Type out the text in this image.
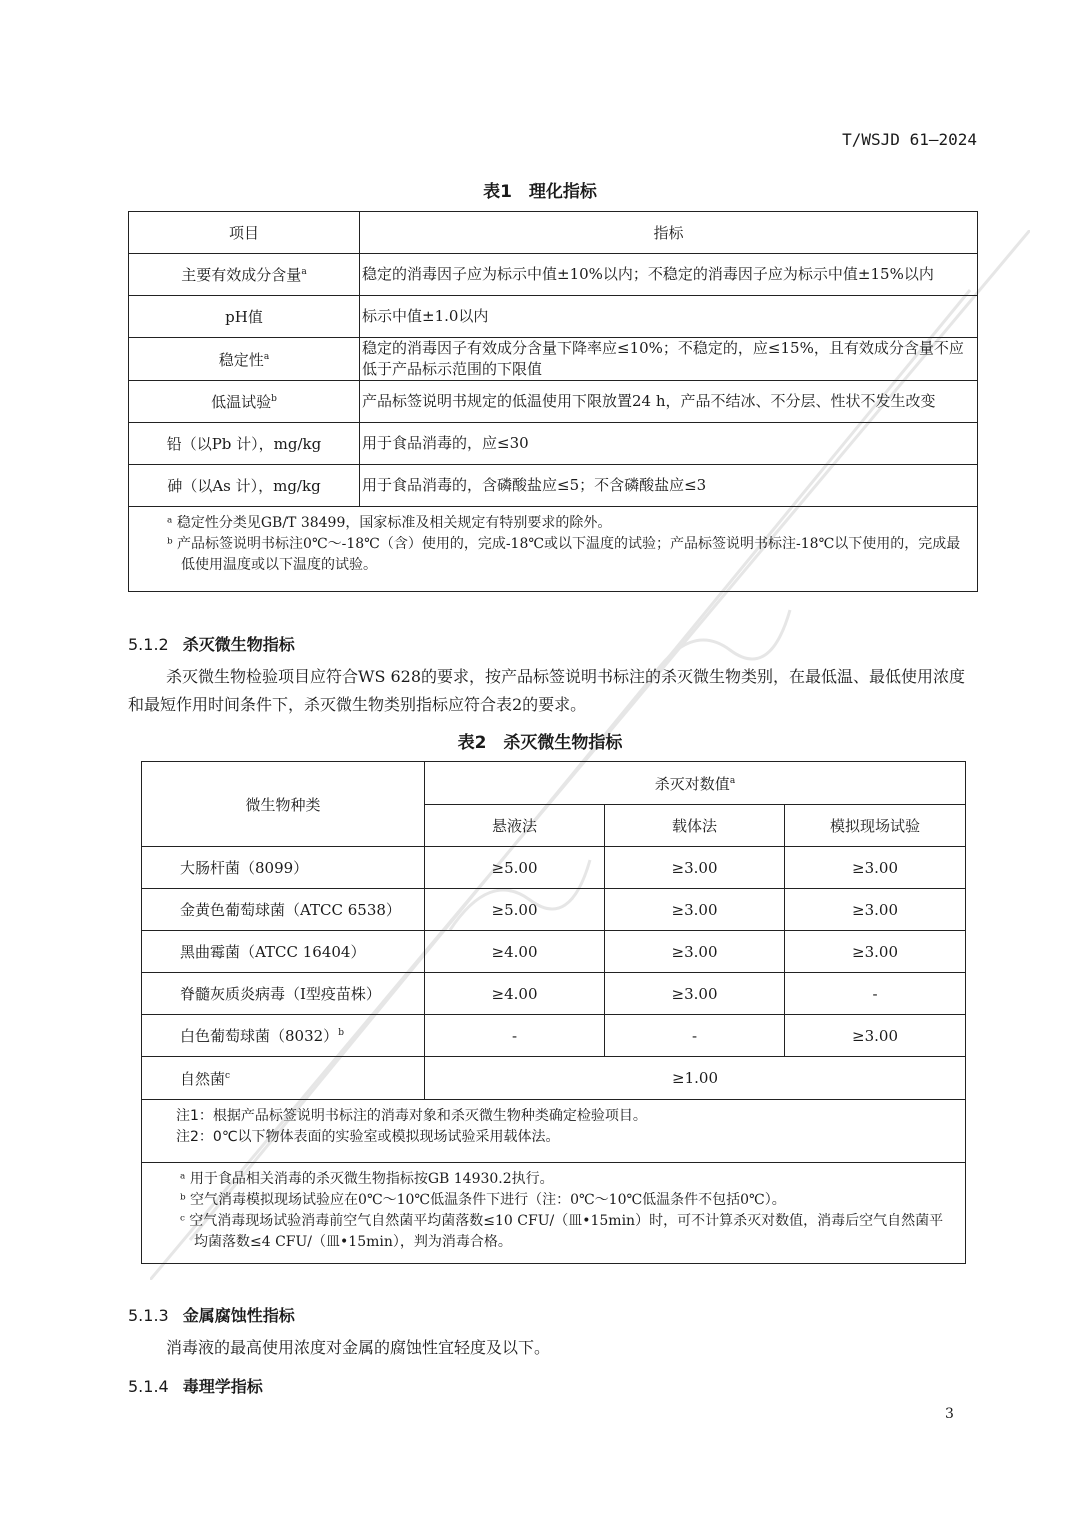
T/WSJD 61—2024
表1　理化指标
项目	指标
主要有效成分含量$^a$	稳定的消毒因子应为标示中值±10%以内；不稳定的消毒因子应为标示中值±15%以内
pH值	标示中值±1.0以内
稳定性$^a$	稳定的消毒因子有效成分含量下降率应≤10%；不稳定的，应≤15%，且有效成分含量不应低于产品标示范围的下限值
低温试验$^b$	产品标签说明书规定的低温使用下限放置24 h，产品不结冰、不分层、性状不发生改变
铅（以Pb 计），mg/kg	用于食品消毒的，应≤30
砷（以As 计），mg/kg	用于食品消毒的，含磷酸盐应≤5；不含磷酸盐应≤3

ᵃ 稳定性分类见GB/T 38499，国家标准及相关规定有特别要求的除外。
ᵇ 产品标签说明书标注0℃～-18℃（含）使用的，完成-18℃或以下温度的试验；产品标签说明书标注-18℃以下使用的，完成最低使用温度或以下温度的试验。	
5.1.2 杀灭微生物指标
杀灭微生物检验项目应符合WS 628的要求，按产品标签说明书标注的杀灭微生物类别，在最低温、最低使用浓度和最短作用时间条件下，杀灭微生物类别指标应符合表2的要求。
表2　杀灭微生物指标
微生物种类	杀灭对数值$^a$
	悬液法	载体法	模拟现场试验
大肠杆菌（8099）	≥5.00	≥3.00	≥3.00
金黄色葡萄球菌（ATCC 6538）	≥5.00	≥3.00	≥3.00
黑曲霉菌（ATCC 16404）	≥4.00	≥3.00	≥3.00
脊髓灰质炎病毒（Ⅰ型疫苗株）	≥4.00	≥3.00	-
白色葡萄球菌$(8032)^b$	-	-	≥3.00
自然菌$^c$	≥1.00		

注1：根据产品标签说明书标注的消毒对象和杀灭微生物种类确定检验项目。
注2：0℃以下物体表面的实验室或模拟现场试验采用载体法。			

ᵃ 用于食品相关消毒的杀灭微生物指标按GB 14930.2执行。
ᵇ 空气消毒模拟现场试验应在0℃～10℃低温条件下进行（注：0℃～10℃低温条件不包括0℃）。
ᶜ 空气消毒现场试验消毒前空气自然菌平均菌落数≤10 CFU/（皿•15min）时，可不计算杀灭对数值，消毒后空气自然菌平均菌落数≤4 CFU/（皿•15min），判为消毒合格。			
5.1.3 金属腐蚀性指标
消毒液的最高使用浓度对金属的腐蚀性宜轻度及以下。
5.1.4 毒理学指标
3
